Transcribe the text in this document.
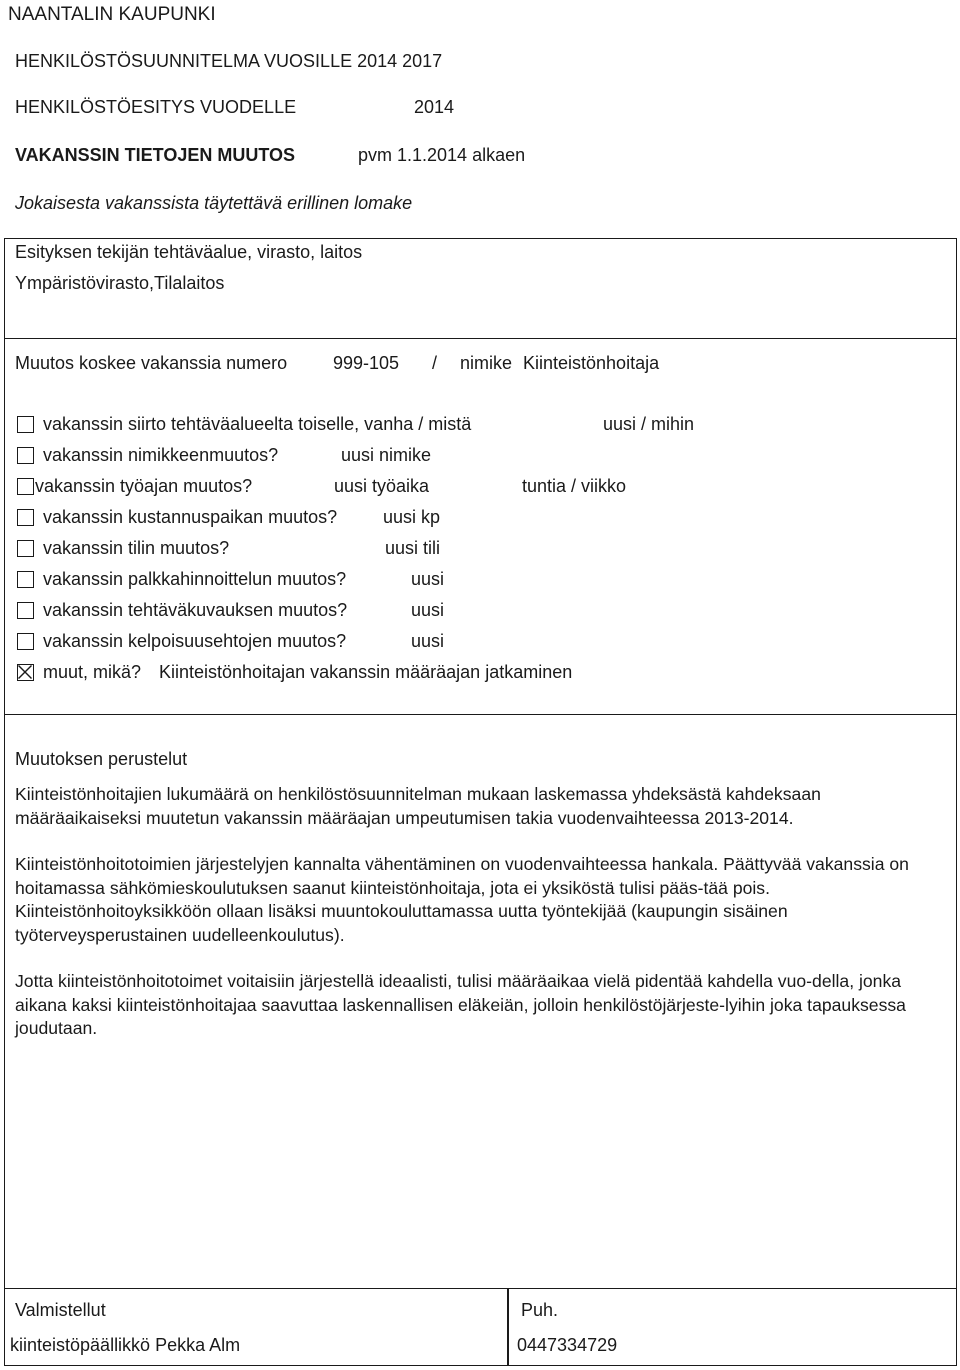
NAANTALIN KAUPUNKI
HENKILÖSTÖSUUNNITELMA VUOSILLE 2014 2017
HENKILÖSTÖESITYS VUODELLE	2014
VAKANSSIN TIETOJEN MUUTOS	pvm 1.1.2014 alkaen
Jokaisesta vakanssista täytettävä erillinen lomake
Esityksen tekijän tehtäväalue, virasto, laitos
Ympäristövirasto,Tilalaitos
Muutos koskee vakanssia numero	999-105 / nimike Kiinteistönhoitaja
vakanssin siirto tehtäväalueelta toiselle, vanha / mistä	uusi / mihin
vakanssin nimikkeenmuutos?	uusi nimike
vakanssin työajan muutos?	uusi työaika	tuntia / viikko
vakanssin kustannuspaikan muutos?	uusi kp
vakanssin tilin muutos?	uusi tili
vakanssin palkkahinnoittelun muutos?	uusi
vakanssin tehtäväkuvauksen muutos?	uusi
vakanssin kelpoisuusehtojen muutos?	uusi
muut, mikä? Kiinteistönhoitajan vakanssin määräajan jatkaminen
Muutoksen perustelut
Kiinteistönhoitajien lukumäärä on henkilöstösuunnitelman mukaan laskemassa yhdeksästä kahdeksaan määräaikaiseksi muutetun vakanssin määräajan umpeutumisen takia vuodenvaihteessa 2013-2014.
Kiinteistönhoitotoimien järjestelyjen kannalta vähentäminen on vuodenvaihteessa hankala. Päättyvää vakanssia on hoitamassa sähkömieskoulutuksen saanut kiinteistönhoitaja, jota ei yksiköstä tulisi pääs-tää pois. Kiinteistönhoitoyksikköön ollaan lisäksi muuntokouluttamassa uutta työntekijää (kaupungin sisäinen työterveysperustainen uudelleenkoulutus).
Jotta kiinteistönhoitotoimet voitaisiin järjestellä ideaalisti, tulisi määräaikaa vielä pidentää kahdella vuo-della, jonka aikana kaksi kiinteistönhoitajaa saavuttaa laskennallisen eläkeiän, jolloin henkilöstöjärjeste-lyihin joka tapauksessa joudutaan.
Valmistellut
kiinteistöpäällikkö Pekka Alm
Puh.
0447334729
